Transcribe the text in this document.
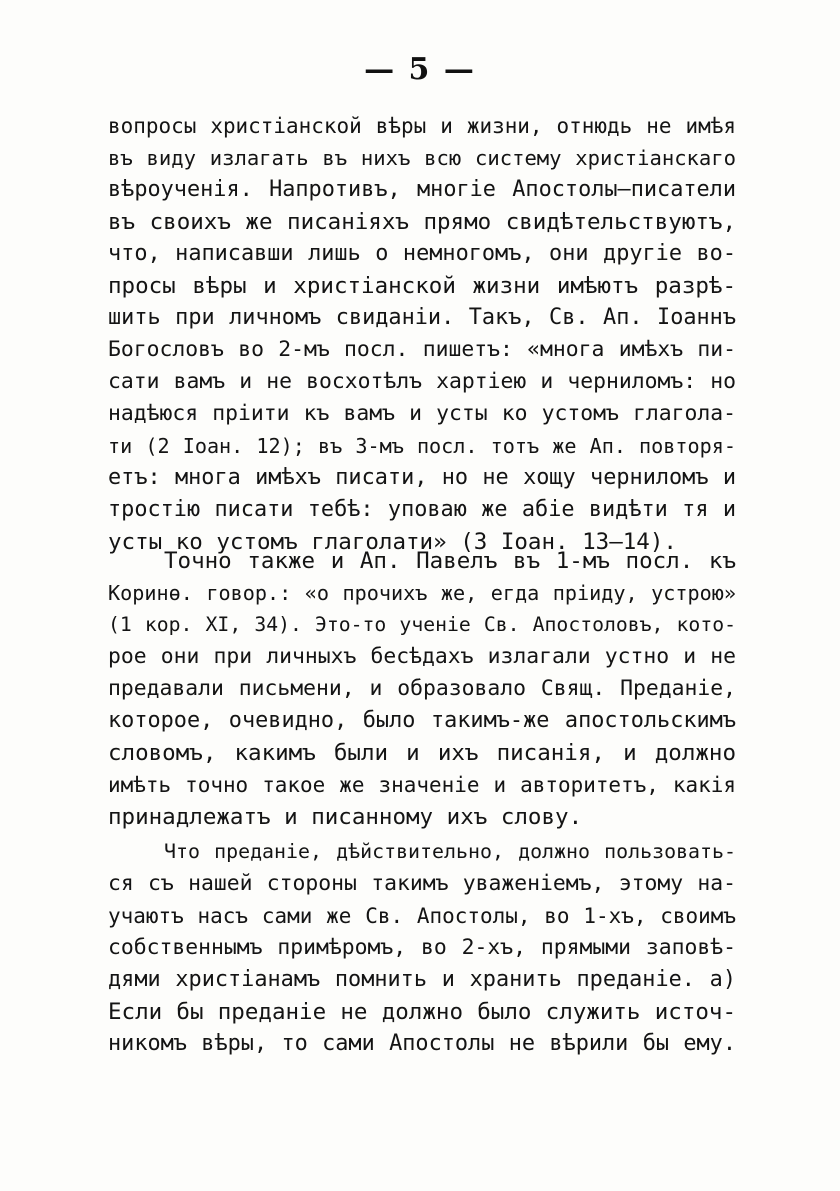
— 5 —
вопросы христіанской вѣры и жизни, отнюдь не имѣя
въ виду излагать въ нихъ всю систему христіанскаго
вѣроученія. Напротивъ, многіе Апостолы—писатели
въ своихъ же писаніяхъ прямо свидѣтельствуютъ,
что, написавши лишь о немногомъ, они другіе во-
просы вѣры и христіанской жизни имѣютъ разрѣ-
шить при личномъ свиданіи. Такъ, Св. Ап. Іоаннъ
Богословъ во 2-мъ посл. пишетъ: «многа имѣхъ пи-
сати вамъ и не восхотѣлъ хартіею и черниломъ: но
надѣюся пріити къ вамъ и усты ко устомъ глаголa-
ти (2 Іоан. 12); въ 3-мъ посл. тотъ же Ап. повторя-
етъ: многа имѣхъ писати, но не хощу черниломъ и
тростію писати тебѣ: уповаю же абіе видѣти тя и
усты ко устомъ глаголати» (3 Іоан. 13—14).
Точно также и Ап. Павелъ въ 1-мъ посл. къ
Коринѳ. говор.: «о прочихъ же, егда пріиду, устрою»
(1 кор. XI, 34). Это-то ученіе Св. Апостоловъ, кото-
рое они при личныхъ бесѣдахъ излагали устно и не
предавали письмени, и образовало Свящ. Преданіе,
которое, очевидно, было такимъ-же апостольскимъ
словомъ, какимъ были и ихъ писанія, и должно
имѣть точно такое же значеніе и авторитетъ, какія
принадлежатъ и писанному ихъ слову.
Что преданіе, дѣйствительно, должно пользовать-
ся съ нашей стороны такимъ уваженіемъ, этому на-
учаютъ насъ сами же Св. Апостолы, во 1-хъ, своимъ
собственнымъ примѣромъ, во 2-хъ, прямыми заповѣ-
дями христіанамъ помнить и хранить преданіе. а)
Если бы преданіе не должно было служить источ-
никомъ вѣры, то сами Апостолы не вѣрили бы ему.
